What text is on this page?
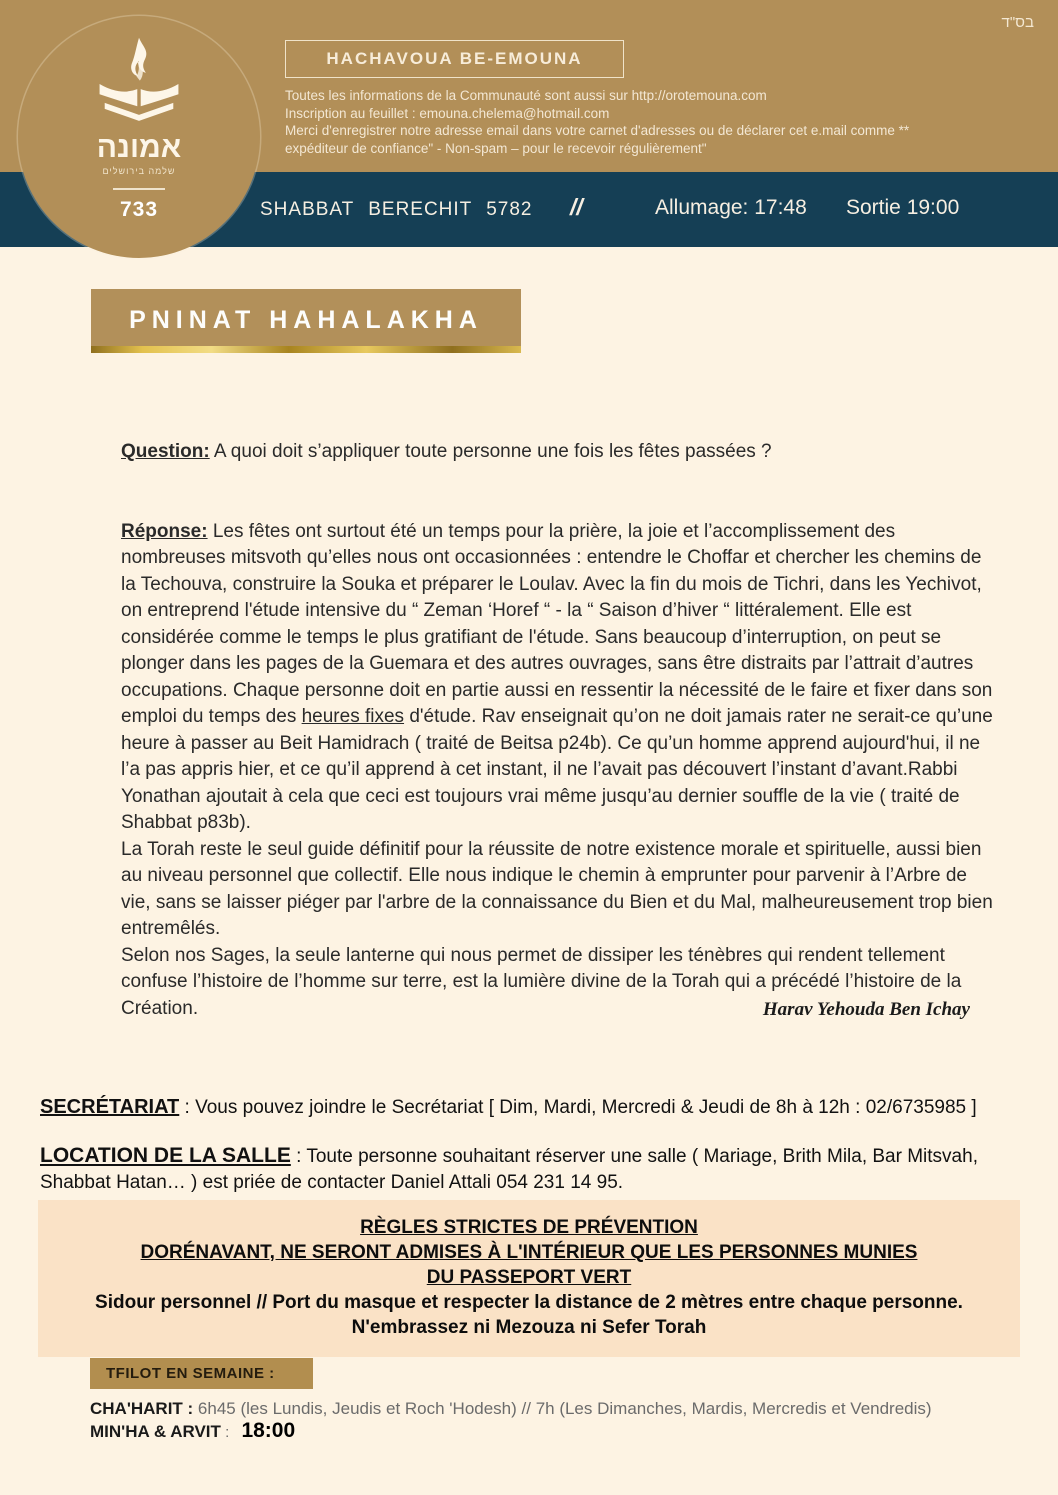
בס"ד
HACHAVOUA BE-EMOUNA
Toutes les informations de la Communauté sont aussi sur http://orotemouna.com
Inscription au feuillet : emouna.chelema@hotmail.com
Merci d'enregistrer notre adresse email dans votre carnet d'adresses ou de déclarer cet e.mail comme **
expéditeur de confiance" - Non-spam – pour le recevoir régulièrement"
אמונה
שלמה בירושלים
733	SHABBAT BERECHIT 5782 //	Allumage: 17:48 Sortie 19:00
PNINAT HAHALAKHA

Question: A quoi doit s’appliquer toute personne une fois les fêtes passées ?

Réponse: Les fêtes ont surtout été un temps pour la prière, la joie et l’accomplissement des nombreuses mitsvoth qu’elles nous ont occasionnées : entendre le Choffar et chercher les chemins de la Techouva, construire la Souka et préparer le Loulav. Avec la fin du mois de Tichri, dans les Yechivot, on entreprend l'étude intensive du “ Zeman ‘Horef “ - la “ Saison d’hiver “ littéralement. Elle est considérée comme le temps le plus gratifiant de l'étude. Sans beaucoup d’interruption, on peut se plonger dans les pages de la Guemara et des autres ouvrages, sans être distraits par l’attrait d’autres occupations. Chaque personne doit en partie aussi en ressentir la nécessité de le faire et fixer dans son emploi du temps des heures fixes d'étude. Rav enseignait qu’on ne doit jamais rater ne serait-ce qu’une heure à passer au Beit Hamidrach ( traité de Beitsa p24b). Ce qu’un homme apprend aujourd'hui, il ne l’a pas appris hier, et ce qu’il apprend à cet instant, il ne l’avait pas découvert l’instant d’avant.Rabbi Yonathan ajoutait à cela que ceci est toujours vrai même jusqu’au dernier souffle de la vie ( traité de Shabbat p83b).
La Torah reste le seul guide définitif pour la réussite de notre existence morale et spirituelle, aussi bien au niveau personnel que collectif. Elle nous indique le chemin à emprunter pour parvenir à l’Arbre de vie, sans se laisser piéger par l'arbre de la connaissance du Bien et du Mal, malheureusement trop bien entremêlés.
Selon nos Sages, la seule lanterne qui nous permet de dissiper les ténèbres qui rendent tellement confuse l’histoire de l’homme sur terre, est la lumière divine de la Torah qui a précédé l’histoire de la Création.	Harav Yehouda Ben Ichay
SECRÉTARIAT : Vous pouvez joindre le Secrétariat [ Dim, Mardi, Mercredi & Jeudi de 8h à 12h : 02/6735985 ]
LOCATION DE LA SALLE : Toute personne souhaitant réserver une salle ( Mariage, Brith Mila, Bar Mitsvah, Shabbat Hatan… ) est priée de contacter Daniel Attali 054 231 14 95.
RÈGLES STRICTES DE PRÉVENTION
DORÉNAVANT, NE SERONT ADMISES À L'INTÉRIEUR QUE LES PERSONNES MUNIES
DU PASSEPORT VERT
Sidour personnel // Port du masque et respecter la distance de 2 mètres entre chaque personne.
N'embrassez ni Mezouza ni Sefer Torah
TFILOT EN SEMAINE :
CHA'HARIT : 6h45 (les Lundis, Jeudis et Roch 'Hodesh) // 7h (Les Dimanches, Mardis, Mercredis et Vendredis)
MIN'HA & ARVIT : 18:00
